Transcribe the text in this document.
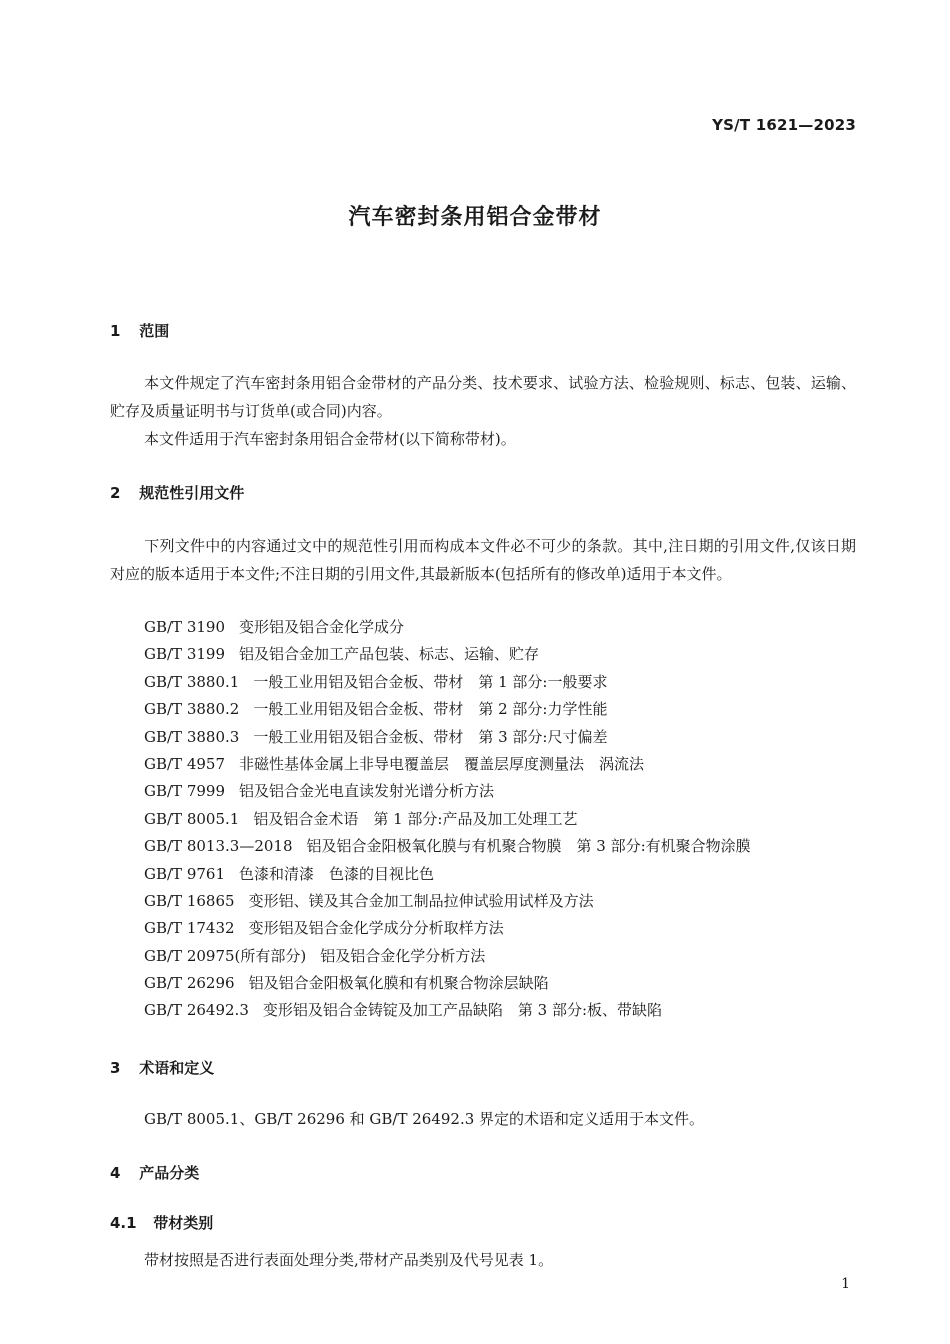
YS/T 1621—2023
汽车密封条用铝合金带材
1 范围
本文件规定了汽车密封条用铝合金带材的产品分类、技术要求、试验方法、检验规则、标志、包装、运输、贮存及质量证明书与订货单(或合同)内容。
本文件适用于汽车密封条用铝合金带材(以下简称带材)。
2 规范性引用文件
下列文件中的内容通过文中的规范性引用而构成本文件必不可少的条款。其中,注日期的引用文件,仅该日期对应的版本适用于本文件;不注日期的引用文件,其最新版本(包括所有的修改单)适用于本文件。
GB/T 3190 变形铝及铝合金化学成分
GB/T 3199 铝及铝合金加工产品包装、标志、运输、贮存
GB/T 3880.1 一般工业用铝及铝合金板、带材　第 1 部分:一般要求
GB/T 3880.2 一般工业用铝及铝合金板、带材　第 2 部分:力学性能
GB/T 3880.3 一般工业用铝及铝合金板、带材　第 3 部分:尺寸偏差
GB/T 4957 非磁性基体金属上非导电覆盖层　覆盖层厚度测量法　涡流法
GB/T 7999 铝及铝合金光电直读发射光谱分析方法
GB/T 8005.1 铝及铝合金术语　第 1 部分:产品及加工处理工艺
GB/T 8013.3—2018 铝及铝合金阳极氧化膜与有机聚合物膜　第 3 部分:有机聚合物涂膜
GB/T 9761 色漆和清漆　色漆的目视比色
GB/T 16865 变形铝、镁及其合金加工制品拉伸试验用试样及方法
GB/T 17432 变形铝及铝合金化学成分分析取样方法
GB/T 20975(所有部分) 铝及铝合金化学分析方法
GB/T 26296 铝及铝合金阳极氧化膜和有机聚合物涂层缺陷
GB/T 26492.3 变形铝及铝合金铸锭及加工产品缺陷　第 3 部分:板、带缺陷
3 术语和定义
GB/T 8005.1、GB/T 26296 和 GB/T 26492.3 界定的术语和定义适用于本文件。
4 产品分类
4.1 带材类别
带材按照是否进行表面处理分类,带材产品类别及代号见表 1。
1
